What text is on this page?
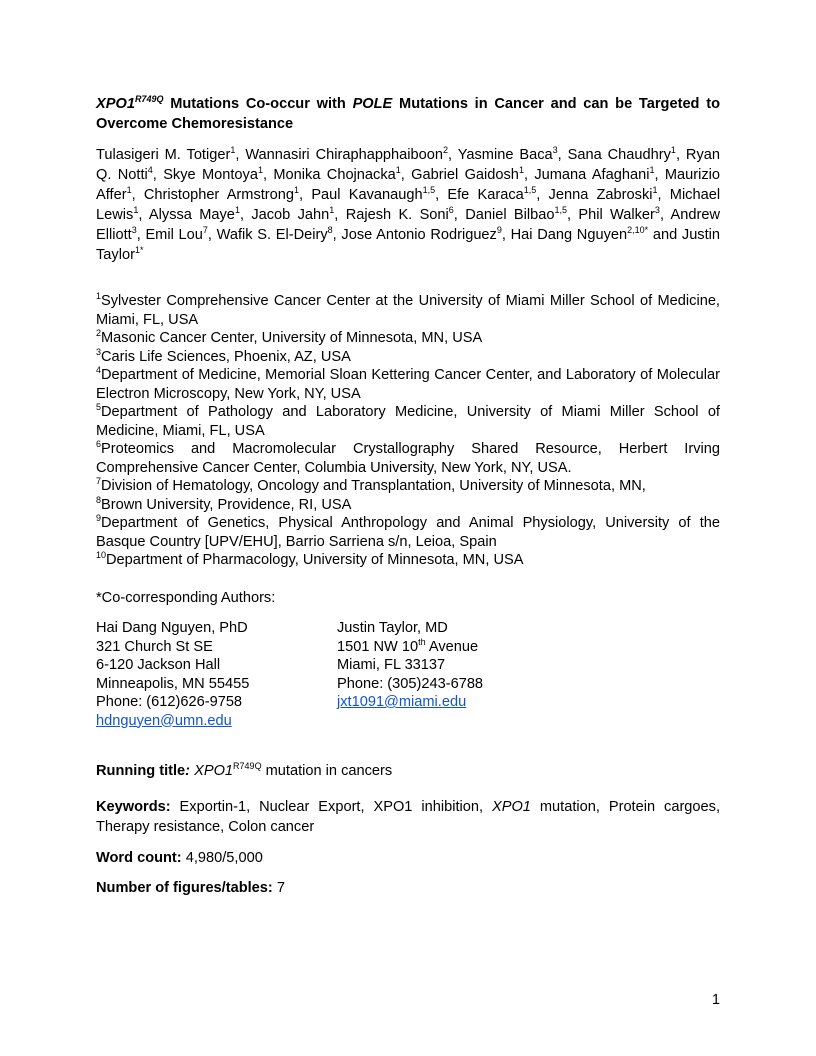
$XPO1^{R749Q}$ Mutations Co-occur with POLE Mutations in Cancer and can be Targeted to Overcome Chemoresistance
Tulasigeri M. Totiger$^1$, Wannasiri Chiraphapphaiboon$^2$, Yasmine Baca$^3$, Sana Chaudhry$^1$, Ryan Q. Notti$^4$, Skye Montoya$^1$, Monika Chojnacka$^1$, Gabriel Gaidosh$^1$, Jumana Afaghani$^1$, Maurizio Affer$^1$, Christopher Armstrong$^1$, Paul Kavanaugh$^{1,5}$, Efe Karaca$^{1,5}$, Jenna Zabroski$^1$, Michael Lewis$^1$, Alyssa Maye$^1$, Jacob Jahn$^1$, Rajesh K. Soni$^6$, Daniel Bilbao$^{1,5}$, Phil Walker$^3$, Andrew Elliott$^3$, Emil Lou$^7$, Wafik S. El-Deiry$^8$, Jose Antonio Rodriguez$^9$, Hai Dang Nguyen$^{2,10*}$ and Justin Taylor$^{1*}$
$^1$Sylvester Comprehensive Cancer Center at the University of Miami Miller School of Medicine, Miami, FL, USA
$^2$Masonic Cancer Center, University of Minnesota, MN, USA
$^3$Caris Life Sciences, Phoenix, AZ, USA
$^4$Department of Medicine, Memorial Sloan Kettering Cancer Center, and Laboratory of Molecular Electron Microscopy, New York, NY, USA
$^5$Department of Pathology and Laboratory Medicine, University of Miami Miller School of Medicine, Miami, FL, USA
$^6$Proteomics and Macromolecular Crystallography Shared Resource, Herbert Irving Comprehensive Cancer Center, Columbia University, New York, NY, USA.
$^7$Division of Hematology, Oncology and Transplantation, University of Minnesota, MN,
$^8$Brown University, Providence, RI, USA
$^9$Department of Genetics, Physical Anthropology and Animal Physiology, University of the Basque Country [UPV/EHU], Barrio Sarriena s/n, Leioa, Spain
$^{10}$Department of Pharmacology, University of Minnesota, MN, USA
*Co-corresponding Authors:
Hai Dang Nguyen, PhD
321 Church St SE
6-120 Jackson Hall
Minneapolis, MN 55455
Phone: (612)626-9758
hdnguyen@umn.edu
Justin Taylor, MD
1501 NW 10th Avenue
Miami, FL 33137
Phone: (305)243-6788
jxt1091@miami.edu
Running title: $XPO1^{R749Q}$ mutation in cancers
Keywords: Exportin-1, Nuclear Export, XPO1 inhibition, XPO1 mutation, Protein cargoes, Therapy resistance, Colon cancer
Word count: 4,980/5,000
Number of figures/tables: 7
1
